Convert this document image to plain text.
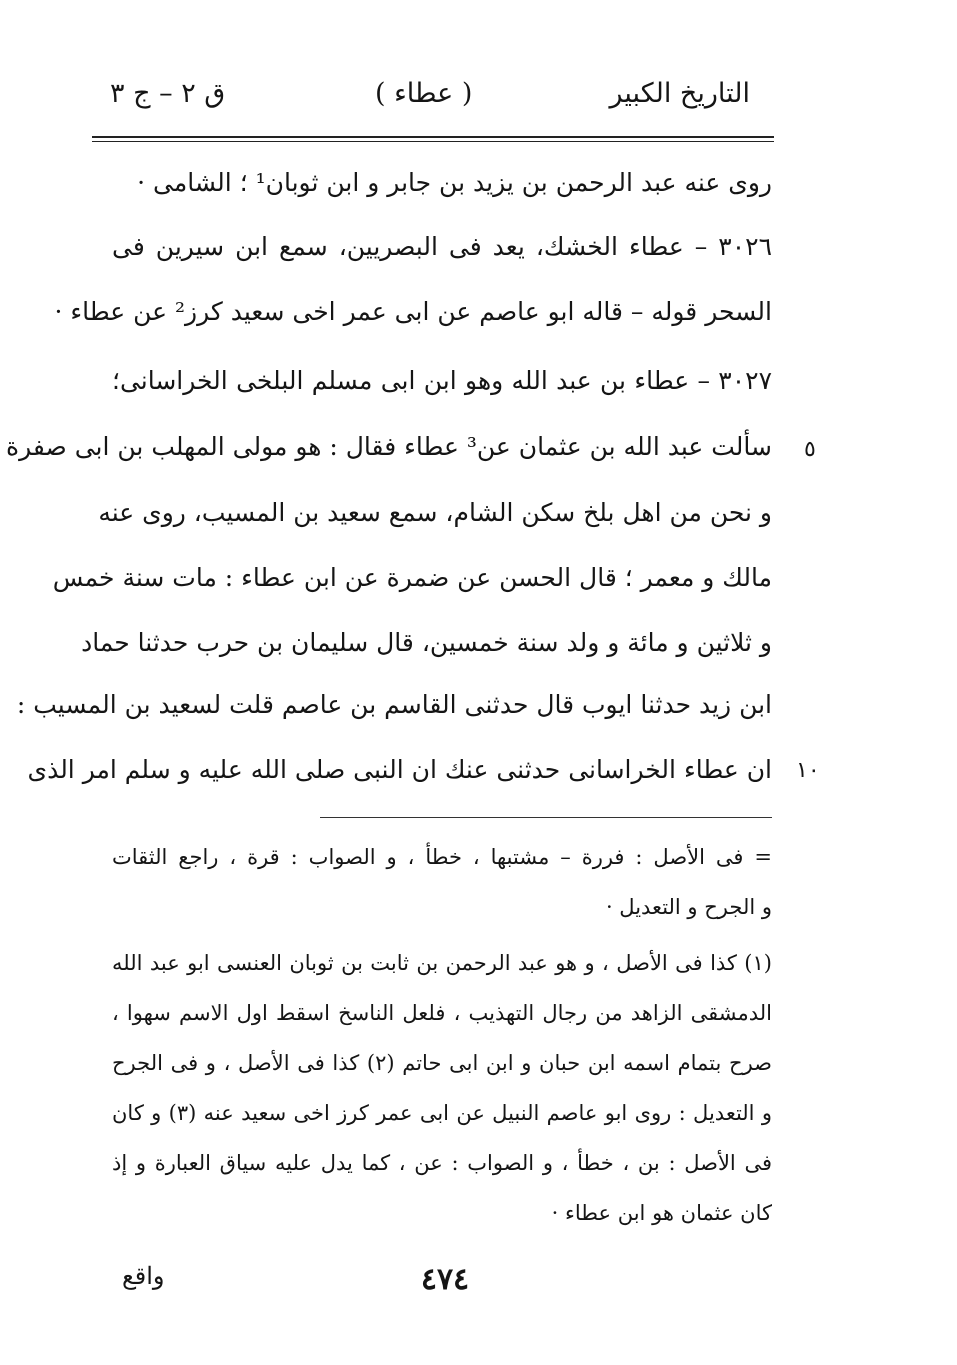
التاريخ الكبير
( عطاء )
ق ٢ – ج ٣
روى عنه عبد الرحمن بن يزيد بن جابر و ابن ثوبان¹ ؛ الشامى ·
٣٠٢٦ – عطاء الخشك، يعد فى البصريين، سمع ابن سيرين فى
السحر قوله – قاله ابو عاصم عن ابى عمر اخى سعيد كرز² عن عطاء ·
٣٠٢٧ – عطاء بن عبد الله وهو ابن ابى مسلم البلخى الخراسانى؛
سألت عبد الله بن عثمان عن³ عطاء فقال : هو مولى المهلب بن ابى صفرة
و نحن من اهل بلخ سكن الشام، سمع سعيد بن المسيب، روى عنه
مالك و معمر ؛ قال الحسن عن ضمرة عن ابن عطاء : مات سنة خمس
و ثلاثين و مائة و ولد سنة خمسين، قال سليمان بن حرب حدثنا حماد
ابن زيد حدثنا ايوب قال حدثنى القاسم بن عاصم قلت لسعيد بن المسيب :
ان عطاء الخراسانى حدثنى عنك ان النبى صلى الله عليه و سلم امر الذى
٥
١٠
= فى الأصل : فررة – مشتبها ، خطأ ، و الصواب : قرة ، راجع الثقات
و الجرح و التعديل ·
(١) كذا فى الأصل ، و هو عبد الرحمن بن ثابت بن ثوبان العنسى ابو عبد الله
الدمشقى الزاهد من رجال التهذيب ، فلعل الناسخ اسقط اول الاسم سهوا ،
صرح بتمام اسمه ابن حبان و ابن ابى حاتم (٢) كذا فى الأصل ، و فى الجرح
و التعديل : روى ابو عاصم النبيل عن ابى عمر كرز اخى سعيد عنه (٣) و كان
فى الأصل : بن ، خطأ ، و الصواب : عن ، كما يدل عليه سياق العبارة و إذ
كان عثمان هو ابن عطاء ·
٤٧٤
واقع
